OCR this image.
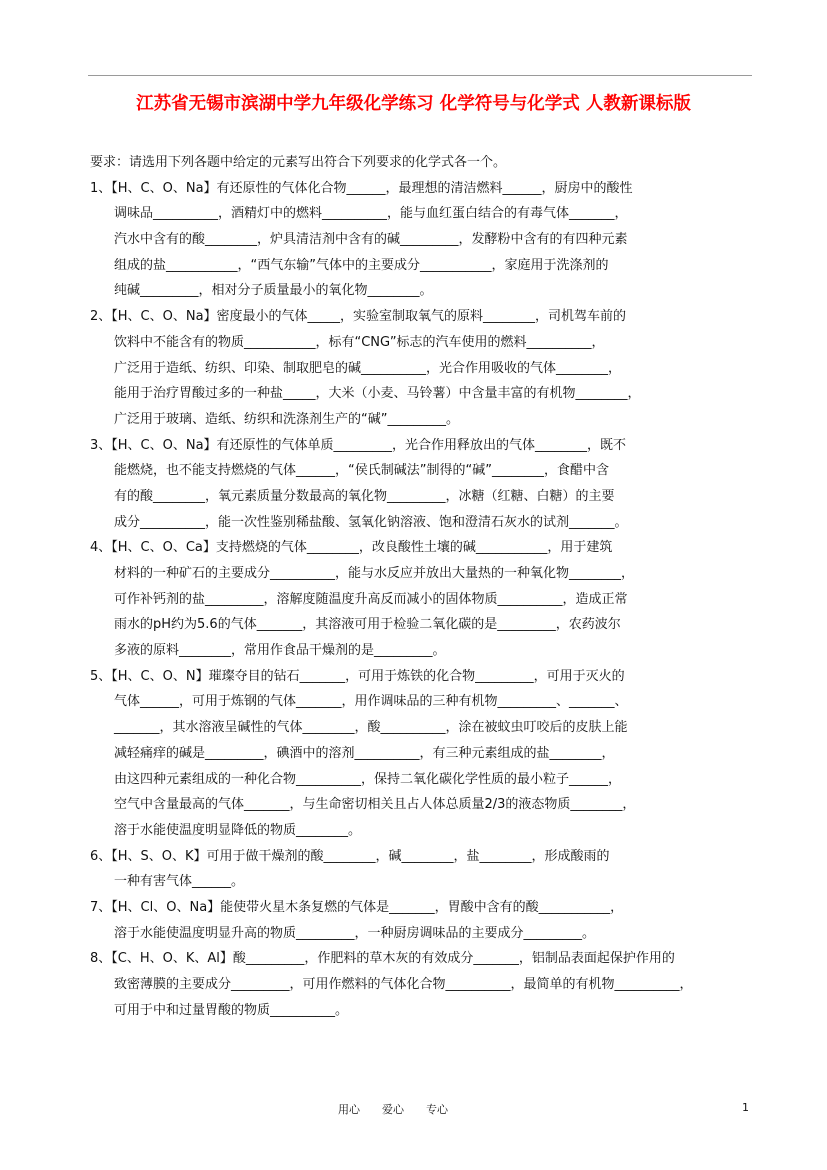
江苏省无锡市滨湖中学九年级化学练习 化学符号与化学式 人教新课标版
要求：请选用下列各题中给定的元素写出符合下列要求的化学式各一个。
1、【H、C、O、Na】有还原性的气体化合物______，最理想的清洁燃料______，厨房中的酸性
调味品__________，酒精灯中的燃料__________，能与血红蛋白结合的有毒气体_______，
汽水中含有的酸________，炉具清洁剂中含有的碱_________，发酵粉中含有的有四种元素
组成的盐___________，“西气东输”气体中的主要成分___________，家庭用于洗涤剂的
纯碱_________，相对分子质量最小的氧化物________。
2、【H、C、O、Na】密度最小的气体_____，实验室制取氧气的原料________，司机驾车前的
饮料中不能含有的物质___________，标有“CNG”标志的汽车使用的燃料__________，
广泛用于造纸、纺织、印染、制取肥皂的碱__________，光合作用吸收的气体________，
能用于治疗胃酸过多的一种盐_____，大米（小麦、马铃薯）中含量丰富的有机物________，
广泛用于玻璃、造纸、纺织和洗涤剂生产的“碱”_________。
3、【H、C、O、Na】有还原性的气体单质_________，光合作用释放出的气体________，既不
能燃烧，也不能支持燃烧的气体______，“侯氏制碱法”制得的“碱”________，食醋中含
有的酸________，氧元素质量分数最高的氧化物_________，冰糖（红糖、白糖）的主要
成分__________，能一次性鉴别稀盐酸、氢氧化钠溶液、饱和澄清石灰水的试剂_______。
4、【H、C、O、Ca】支持燃烧的气体________，改良酸性土壤的碱___________，用于建筑
材料的一种矿石的主要成分__________，能与水反应并放出大量热的一种氧化物________，
可作补钙剂的盐_________，溶解度随温度升高反而减小的固体物质__________，造成正常
雨水的pH约为5.6的气体_______，其溶液可用于检验二氧化碳的是_________，农药波尔
多液的原料________，常用作食品干燥剂的是_________。
5、【H、C、O、N】璀璨夺目的钻石_______，可用于炼铁的化合物_________，可用于灭火的
气体______，可用于炼钢的气体_______，用作调味品的三种有机物_________、_______、
_______，其水溶液呈碱性的气体________，酸__________，涂在被蚊虫叮咬后的皮肤上能
减轻痛痒的碱是_________，碘酒中的溶剂__________，有三种元素组成的盐________，
由这四种元素组成的一种化合物__________，保持二氧化碳化学性质的最小粒子______，
空气中含量最高的气体_______，与生命密切相关且占人体总质量2/3的液态物质________，
溶于水能使温度明显降低的物质________。
6、【H、S、O、K】可用于做干燥剂的酸________，碱________，盐________，形成酸雨的
一种有害气体______。
7、【H、Cl、O、Na】能使带火星木条复燃的气体是_______，胃酸中含有的酸___________，
溶于水能使温度明显升高的物质_________，一种厨房调味品的主要成分_________。
8、【C、H、O、K、Al】酸_________，作肥料的草木灰的有效成分_______，铝制品表面起保护作用的
致密薄膜的主要成分_________，可用作燃料的气体化合物__________，最简单的有机物__________，
可用于中和过量胃酸的物质__________。
用心　　爱心　　专心	1
